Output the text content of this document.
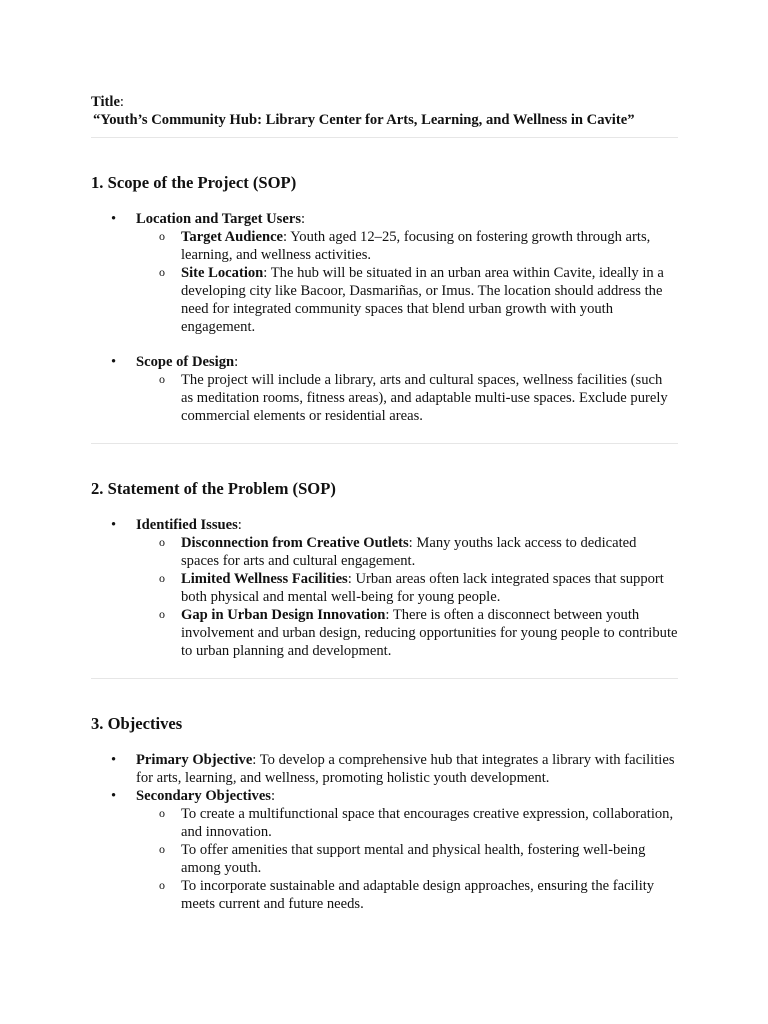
Title:
“Youth’s Community Hub: Library Center for Arts, Learning, and Wellness in Cavite”
1. Scope of the Project (SOP)
• Location and Target Users:
o Target Audience: Youth aged 12–25, focusing on fostering growth through arts, learning, and wellness activities.
o Site Location: The hub will be situated in an urban area within Cavite, ideally in a developing city like Bacoor, Dasmariñas, or Imus. The location should address the need for integrated community spaces that blend urban growth with youth engagement.
• Scope of Design:
o The project will include a library, arts and cultural spaces, wellness facilities (such as meditation rooms, fitness areas), and adaptable multi-use spaces. Exclude purely commercial elements or residential areas.
2. Statement of the Problem (SOP)
• Identified Issues:
o Disconnection from Creative Outlets: Many youths lack access to dedicated spaces for arts and cultural engagement.
o Limited Wellness Facilities: Urban areas often lack integrated spaces that support both physical and mental well-being for young people.
o Gap in Urban Design Innovation: There is often a disconnect between youth involvement and urban design, reducing opportunities for young people to contribute to urban planning and development.
3. Objectives
• Primary Objective: To develop a comprehensive hub that integrates a library with facilities for arts, learning, and wellness, promoting holistic youth development.
• Secondary Objectives:
o To create a multifunctional space that encourages creative expression, collaboration, and innovation.
o To offer amenities that support mental and physical health, fostering well-being among youth.
o To incorporate sustainable and adaptable design approaches, ensuring the facility meets current and future needs.
